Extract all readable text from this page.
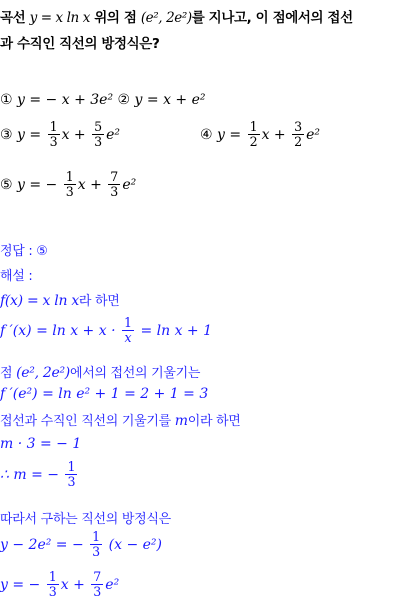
곡선 y = x ln x 위의 점 (e², 2e²)를 지나고, 이 점에서의 접선
과 수직인 직선의 방정식은?
① y = − x + 3e² ② y = x + e²
③ $y = \frac{1}{3}$ $x + \frac{5}{3} e^2$	④ $y = \frac{1}{2}$ $x + \frac{3}{2} e^2$
⑤ y = − $\frac{1}{3}$ $x + \frac{7}{3} e^2$
정답 : ⑤
해설 :
f(x) = x ln x라 하면
f $'(x) = \ln x + x \cdot \frac{1}{x} = \ln x + 1$
점 (e², 2e²)에서의 접선의 기울기는
f ′(e²) = ln e² + 1 = 2 + 1 = 3
접선과 수직인 직선의 기울기를 m이라 하면
m · 3 = − 1
∴ m = − $\frac{1}{3}$
따라서 구하는 직선의 방정식은
y − 2e² = − $\frac{1}{3} (x - e^2)$
y = − $\frac{1}{3}$ $x + \frac{7}{3} e^2$
